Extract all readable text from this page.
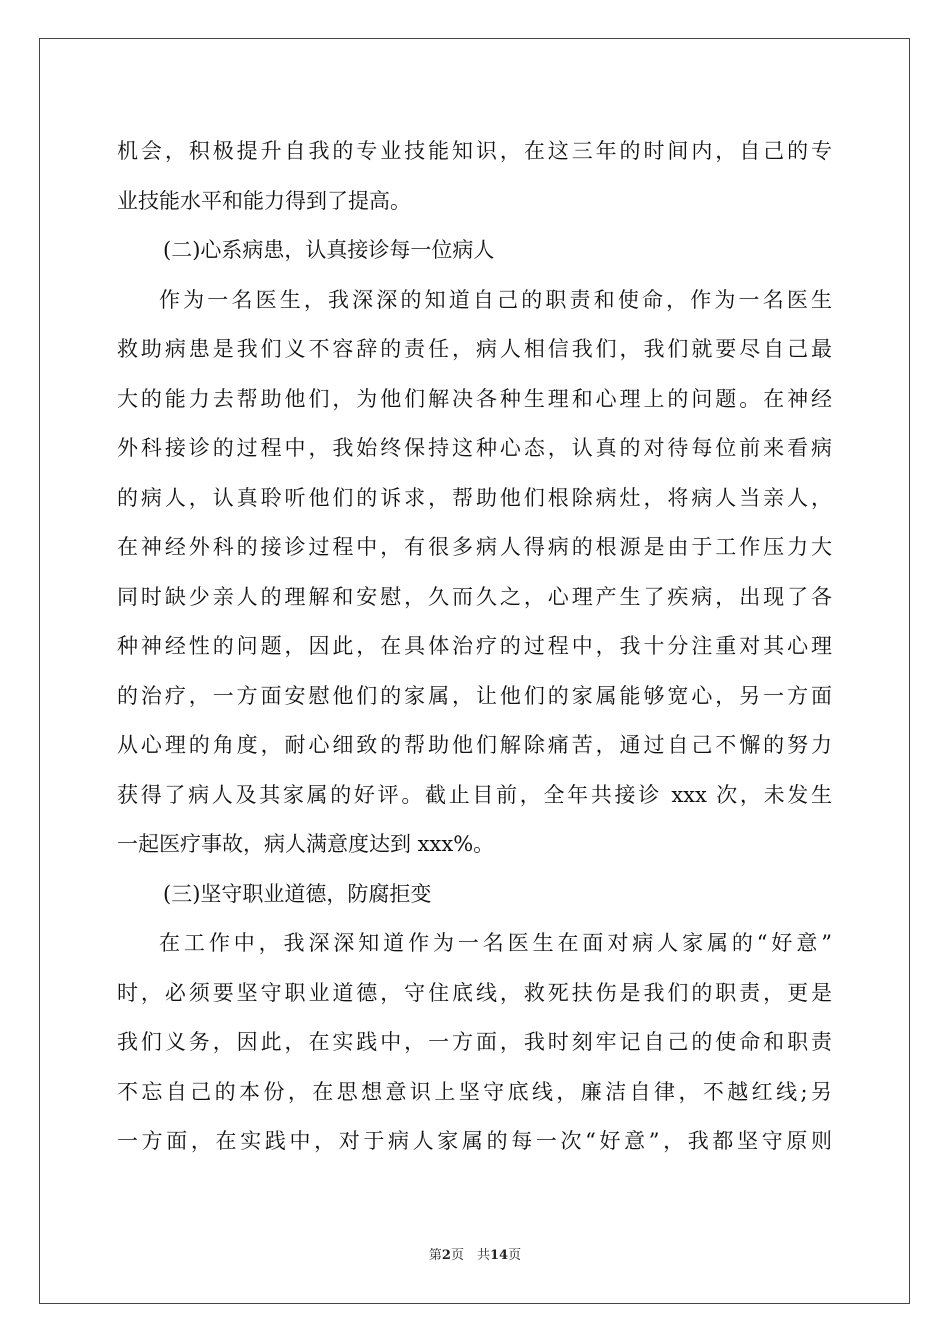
机会，积极提升自我的专业技能知识，在这三年的时间内，自己的专
业技能水平和能力得到了提高。
(二)心系病患，认真接诊每一位病人
作为一名医生，我深深的知道自己的职责和使命，作为一名医生
救助病患是我们义不容辞的责任，病人相信我们，我们就要尽自己最
大的能力去帮助他们，为他们解决各种生理和心理上的问题。在神经
外科接诊的过程中，我始终保持这种心态，认真的对待每位前来看病
的病人，认真聆听他们的诉求，帮助他们根除病灶，将病人当亲人，
在神经外科的接诊过程中，有很多病人得病的根源是由于工作压力大
同时缺少亲人的理解和安慰，久而久之，心理产生了疾病，出现了各
种神经性的问题，因此，在具体治疗的过程中，我十分注重对其心理
的治疗，一方面安慰他们的家属，让他们的家属能够宽心，另一方面
从心理的角度，耐心细致的帮助他们解除痛苦，通过自己不懈的努力
获得了病人及其家属的好评。截止目前，全年共接诊 xxx 次，未发生
一起医疗事故，病人满意度达到 xxx%。
(三)坚守职业道德，防腐拒变
在工作中，我深深知道作为一名医生在面对病人家属的“好意”
时，必须要坚守职业道德，守住底线，救死扶伤是我们的职责，更是
我们义务，因此，在实践中，一方面，我时刻牢记自己的使命和职责
不忘自己的本份，在思想意识上坚守底线，廉洁自律，不越红线;另
一方面，在实践中，对于病人家属的每一次“好意”，我都坚守原则
第2页　共14页
